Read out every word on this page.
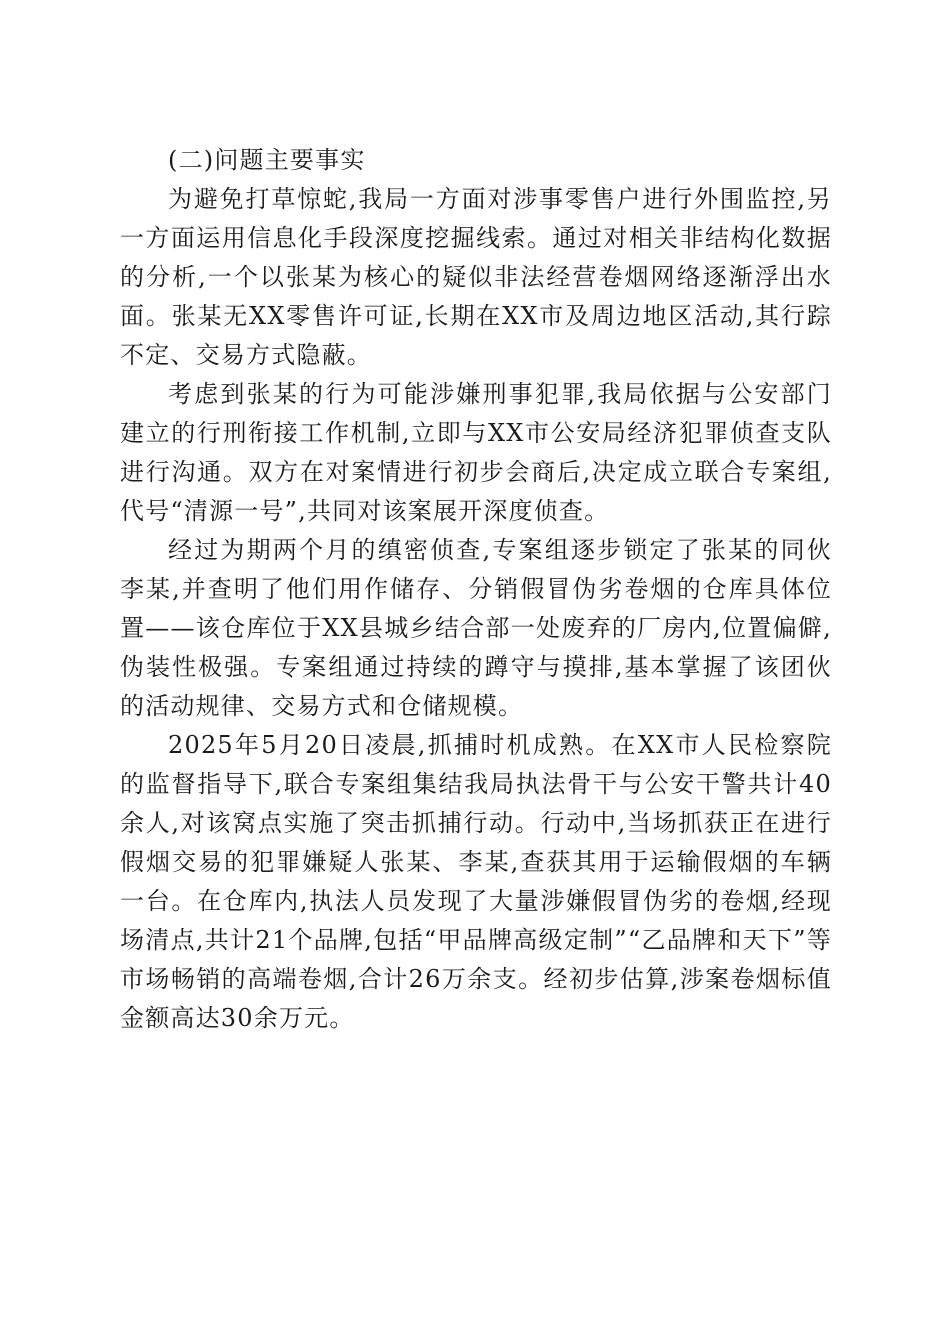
(二)问题主要事实

为避免打草惊蛇,我局一方面对涉事零售户进行外围监控,另一方面运用信息化手段深度挖掘线索。通过对相关非结构化数据的分析,一个以张某为核心的疑似非法经营卷烟网络逐渐浮出水面。张某无XX零售许可证,长期在XX市及周边地区活动,其行踪不定、交易方式隐蔽。

考虑到张某的行为可能涉嫌刑事犯罪,我局依据与公安部门建立的行刑衔接工作机制,立即与XX市公安局经济犯罪侦查支队进行沟通。双方在对案情进行初步会商后,决定成立联合专案组,代号“清源一号”,共同对该案展开深度侦查。

经过为期两个月的缜密侦查,专案组逐步锁定了张某的同伙李某,并查明了他们用作储存、分销假冒伪劣卷烟的仓库具体位置——该仓库位于XX县城乡结合部一处废弃的厂房内,位置偏僻,伪装性极强。专案组通过持续的蹲守与摸排,基本掌握了该团伙的活动规律、交易方式和仓储规模。

2025年5月20日凌晨,抓捕时机成熟。在XX市人民检察院的监督指导下,联合专案组集结我局执法骨干与公安干警共计40余人,对该窝点实施了突击抓捕行动。行动中,当场抓获正在进行假烟交易的犯罪嫌疑人张某、李某,查获其用于运输假烟的车辆一台。在仓库内,执法人员发现了大量涉嫌假冒伪劣的卷烟,经现场清点,共计21个品牌,包括“甲品牌高级定制”“乙品牌和天下”等市场畅销的高端卷烟,合计26万余支。经初步估算,涉案卷烟标值金额高达30余万元。
